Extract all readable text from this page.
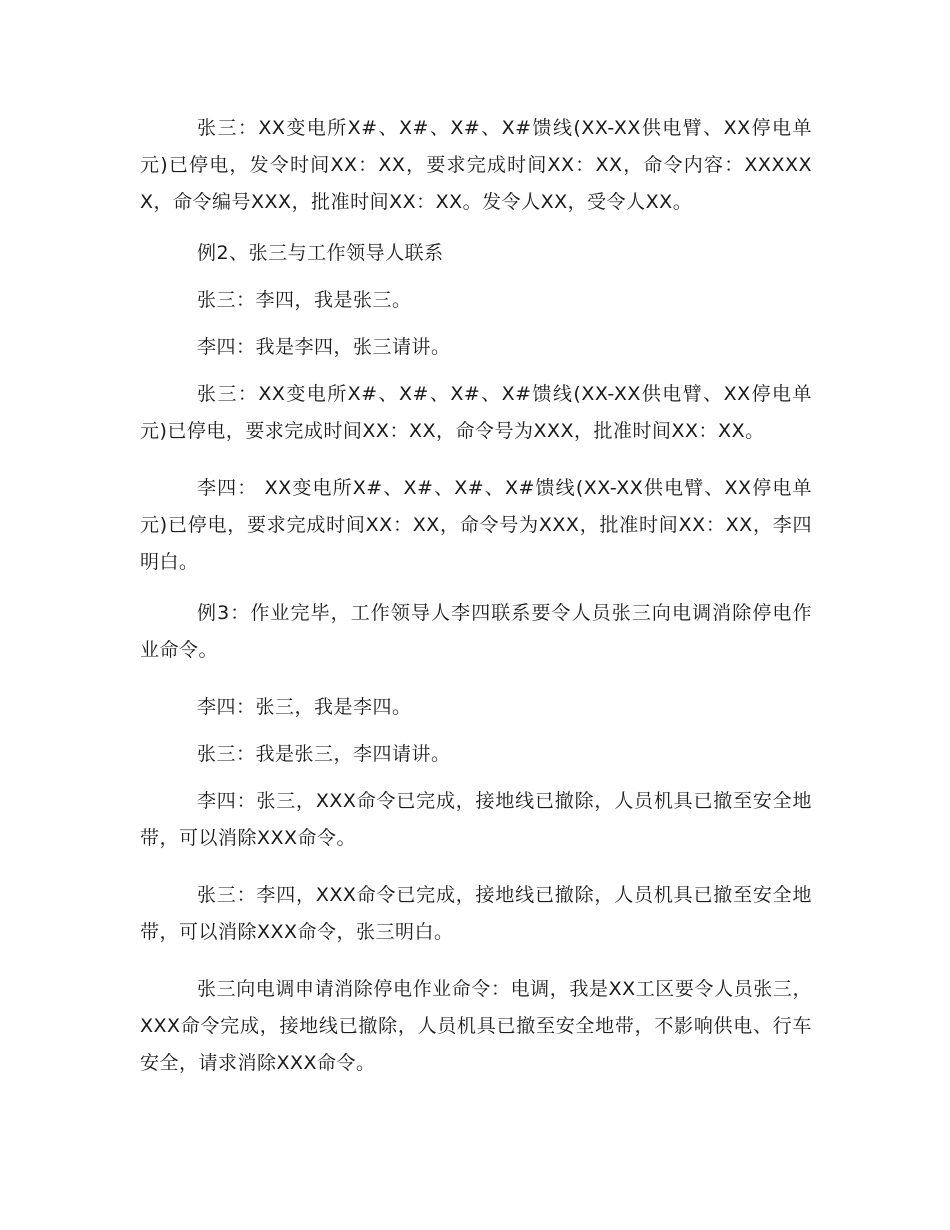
张三：XX变电所X#、X#、X#、X#馈线(XX-XX供电臂、XX停电单元)已停电，发令时间XX：XX，要求完成时间XX：XX，命令内容：XXXXXX，命令编号XXX，批准时间XX：XX。发令人XX，受令人XX。

例2、张三与工作领导人联系

张三：李四，我是张三。

李四：我是李四，张三请讲。

张三：XX变电所X#、X#、X#、X#馈线(XX-XX供电臂、XX停电单元)已停电，要求完成时间XX：XX，命令号为XXX，批准时间XX：XX。

李四： XX变电所X#、X#、X#、X#馈线(XX-XX供电臂、XX停电单元)已停电，要求完成时间XX：XX，命令号为XXX，批准时间XX：XX，李四明白。

例3：作业完毕，工作领导人李四联系要令人员张三向电调消除停电作业命令。

李四：张三，我是李四。

张三：我是张三，李四请讲。

李四：张三，XXX命令已完成，接地线已撤除，人员机具已撤至安全地带，可以消除XXX命令。

张三：李四，XXX命令已完成，接地线已撤除，人员机具已撤至安全地带，可以消除XXX命令，张三明白。

张三向电调申请消除停电作业命令：电调，我是XX工区要令人员张三， XXX命令完成，接地线已撤除，人员机具已撤至安全地带，不影响供电、行车安全，请求消除XXX命令。
